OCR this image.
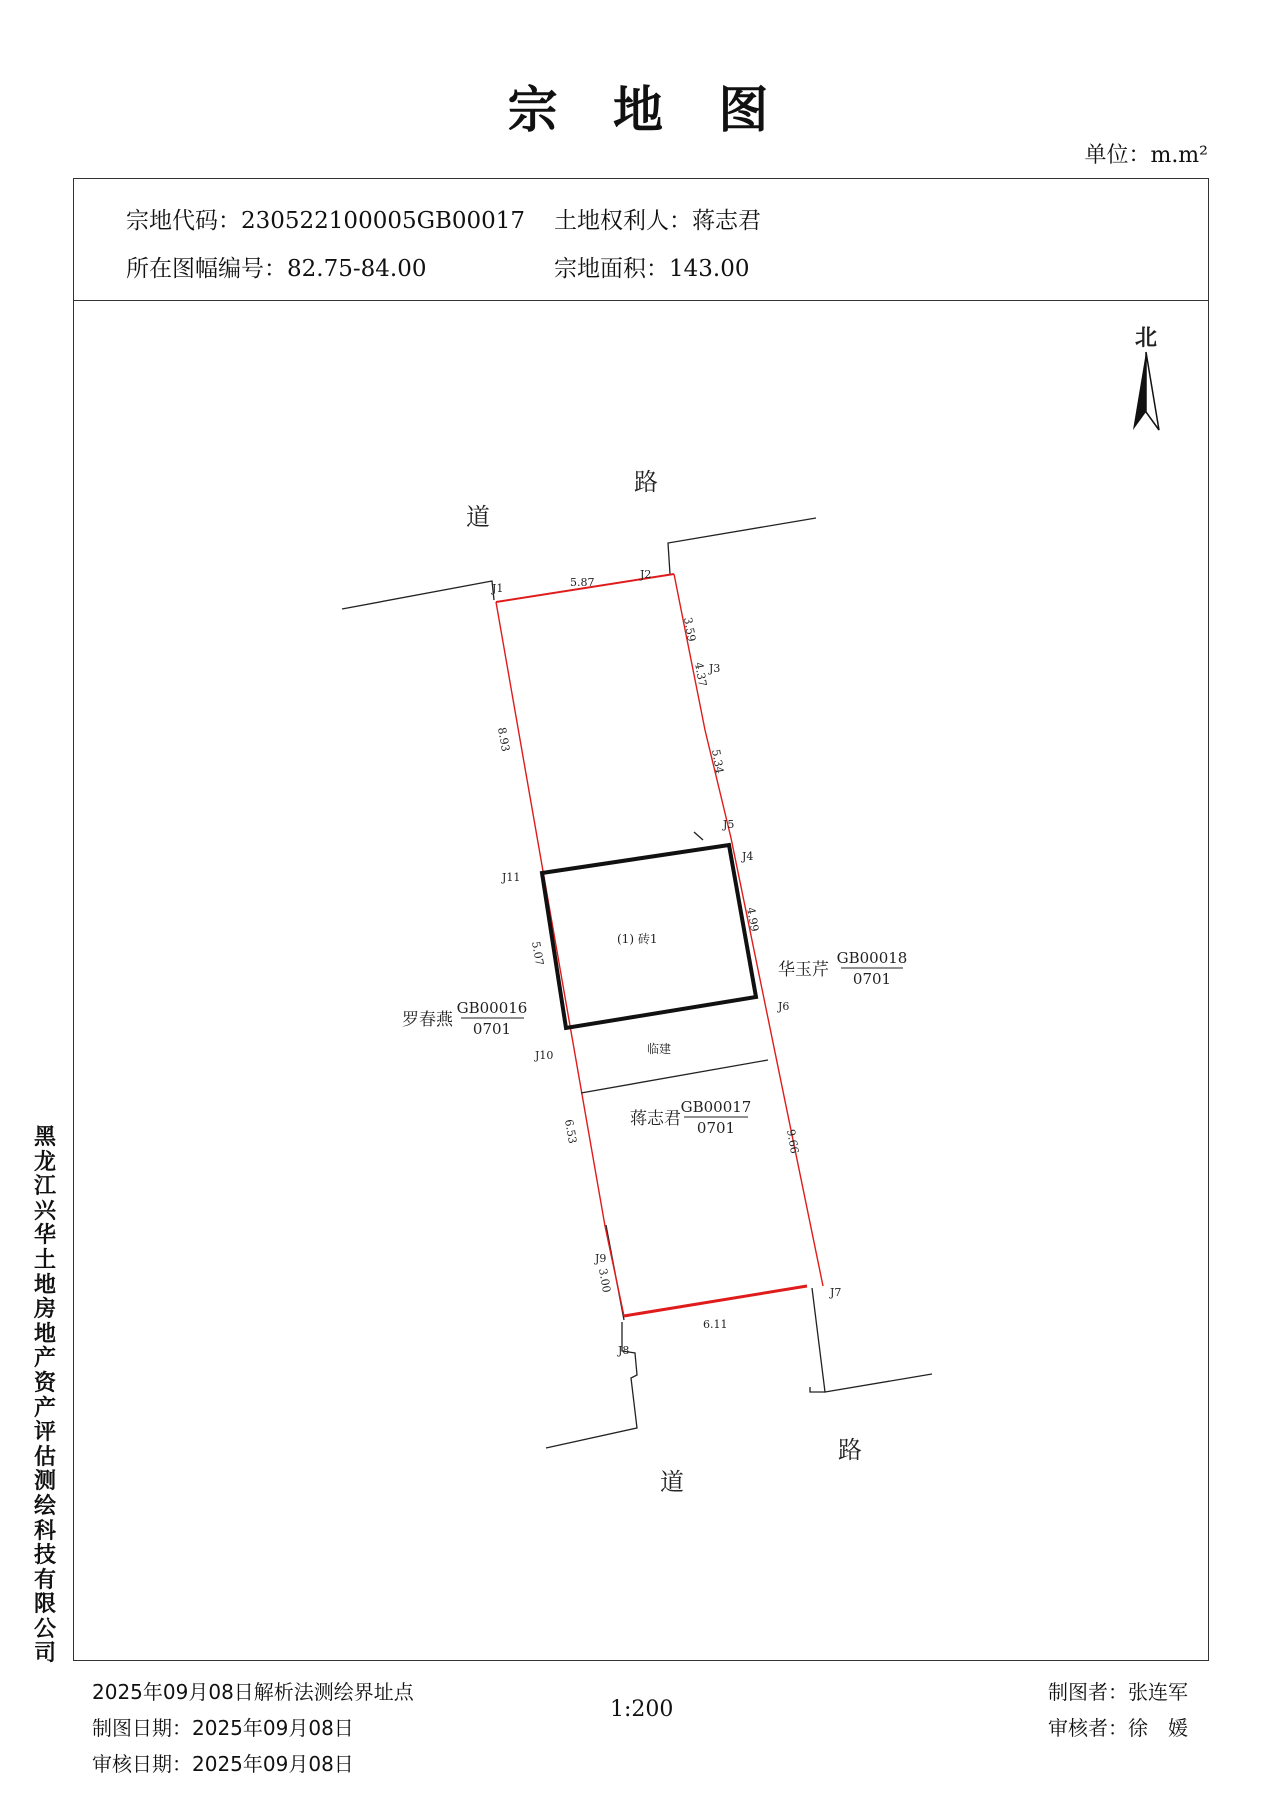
宗 地 图
单位：m.m²
宗地代码：230522100005GB00017 土地权利人：蒋志君
所在图幅编号：82.75-84.00	宗地面积：143.00
北
道
路
道
路
J1
J2
J3
J4
J5
J6
J7
J8
J9
J10
J11
5.87
3.59
4.37
5.34
4.99
9.66
6.11
3.00
6.53
5.07
8.93
(1) 砖1
临建
罗春燕
GB00016
0701
华玉芹
GB00018
0701
蒋志君
GB00017
0701
黑龙江兴华土地房地产资产评估测绘科技有限公司
2025年09月08日解析法测绘界址点
制图日期：2025年09月08日
审核日期：2025年09月08日
1:200
制图者：张连军
审核者：徐　媛
